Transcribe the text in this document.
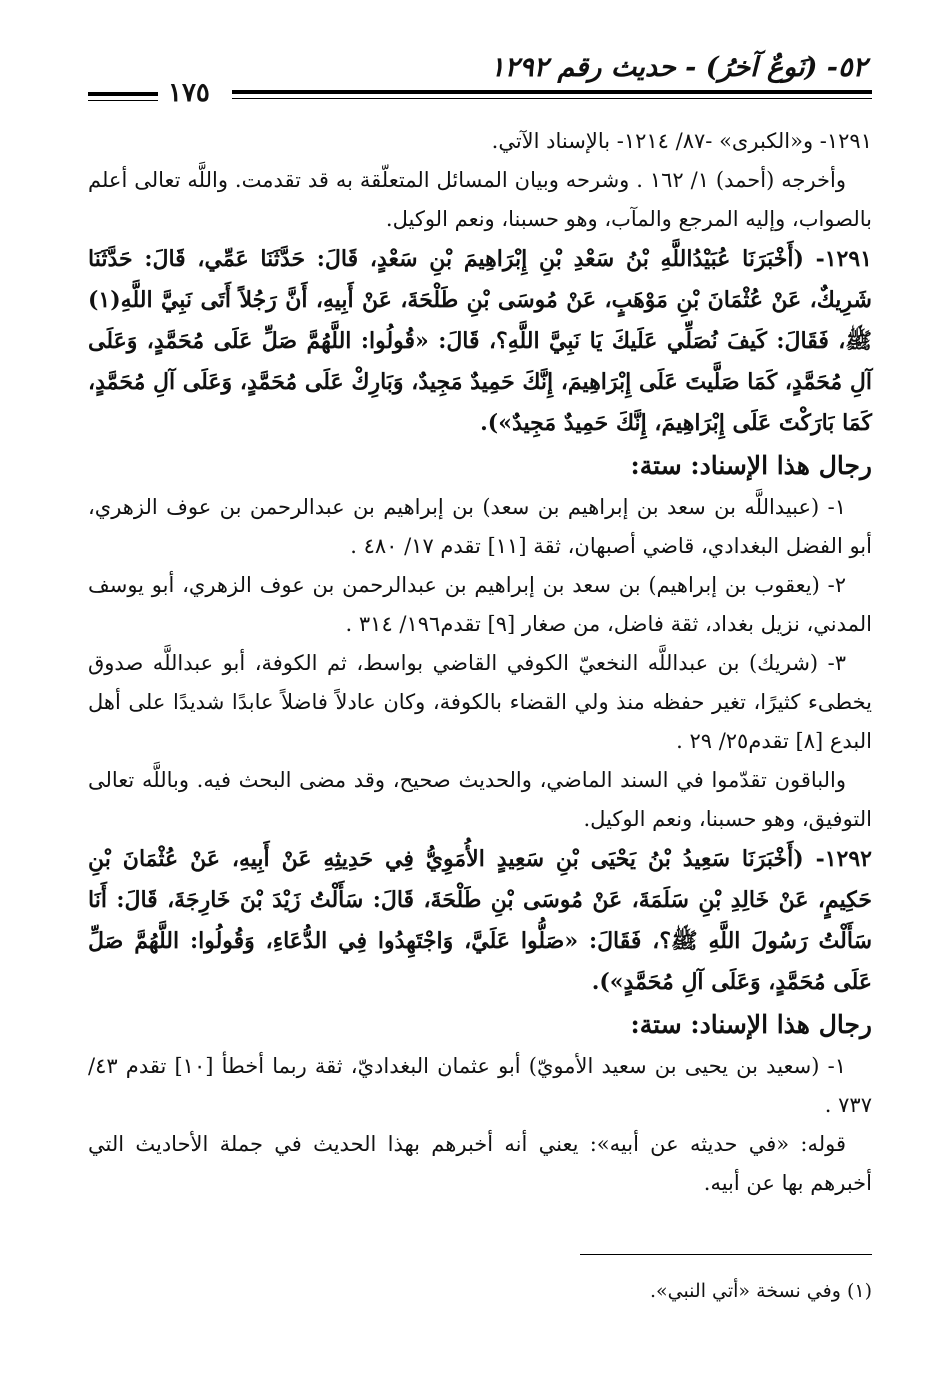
٥٢- (نَوعٌ آخرُ) - حديث رقم ١٢٩٢
١٧٥

١٢٩١- و«الكبرى» -٨٧/ ١٢١٤- بالإسناد الآتي.

وأخرجه (أحمد) ١/ ١٦٢ . وشرحه وبيان المسائل المتعلّقة به قد تقدمت. واللَّه تعالى أعلم بالصواب، وإليه المرجع والمآب، وهو حسبنا، ونعم الوكيل.

١٢٩١- (أَخْبَرَنَا عُبَيْدُاللَّهِ بْنُ سَعْدِ بْنِ إِبْرَاهِيمَ بْنِ سَعْدٍ، قَالَ: حَدَّثَنَا عَمِّي، قَالَ: حَدَّثَنَا شَرِيكٌ، عَنْ عُثْمَانَ بْنِ مَوْهَبٍ، عَنْ مُوسَى بْنِ طَلْحَةَ، عَنْ أَبِيهِ، أَنَّ رَجُلاً أَتَى نَبِيَّ اللَّهِ(١) ﷺ، فَقَالَ: كَيفَ نُصَلِّي عَلَيكَ يَا نَبِيَّ اللَّهِ؟، قَالَ: «قُولُوا: اللَّهُمَّ صَلِّ عَلَى مُحَمَّدٍ، وَعَلَى آلِ مُحَمَّدٍ، كَمَا صَلَّيتَ عَلَى إِبْرَاهِيمَ، إِنَّكَ حَمِيدٌ مَجِيدٌ، وَبَارِكْ عَلَى مُحَمَّدٍ، وَعَلَى آلِ مُحَمَّدٍ، كَمَا بَارَكْتَ عَلَى إِبْرَاهِيمَ، إِنَّكَ حَمِيدٌ مَجِيدٌ»).

رجال هذا الإسناد: ستة:

١- (عبيداللَّه بن سعد بن إبراهيم بن سعد) بن إبراهيم بن عبدالرحمن بن عوف الزهري، أبو الفضل البغدادي، قاضي أصبهان، ثقة [١١] تقدم ١٧/ ٤٨٠ .

٢- (يعقوب بن إبراهيم) بن سعد بن إبراهيم بن عبدالرحمن بن عوف الزهري، أبو يوسف المدني، نزيل بغداد، ثقة فاضل، من صغار [٩] تقدم١٩٦/ ٣١٤ .

٣- (شريك) بن عبداللَّه النخعيّ الكوفي القاضي بواسط، ثم الكوفة، أبو عبداللَّه صدوق يخطىء كثيرًا، تغير حفظه منذ ولي القضاء بالكوفة، وكان عادلاً فاضلاً عابدًا شديدًا على أهل البدع [٨] تقدم٢٥/ ٢٩ .

والباقون تقدّموا في السند الماضي، والحديث صحيح، وقد مضى البحث فيه. وباللَّه تعالى التوفيق، وهو حسبنا، ونعم الوكيل.

١٢٩٢- (أَخْبَرَنَا سَعِيدُ بْنُ يَحْيَى بْنِ سَعِيدٍ الأُمَوِيُّ فِي حَدِيثِهِ عَنْ أَبِيهِ، عَنْ عُثْمَانَ بْنِ حَكِيمٍ، عَنْ خَالِدِ بْنِ سَلَمَةَ، عَنْ مُوسَى بْنِ طَلْحَةَ، قَالَ: سَأَلْتُ زَيْدَ بْنَ خَارِجَةَ، قَالَ: أَنَا سَأَلْتُ رَسُولَ اللَّهِ ﷺ؟، فَقَالَ: «صَلُّوا عَلَيَّ، وَاجْتَهِدُوا فِي الدُّعَاءِ، وَقُولُوا: اللَّهُمَّ صَلِّ عَلَى مُحَمَّدٍ، وَعَلَى آلِ مُحَمَّدٍ»).

رجال هذا الإسناد: ستة:

١- (سعيد بن يحيى بن سعيد الأمويّ) أبو عثمان البغداديّ، ثقة ربما أخطأ [١٠] تقدم ٤٣/ ٧٣٧ .

قوله: «في حديثه عن أبيه»: يعني أنه أخبرهم بهذا الحديث في جملة الأحاديث التي أخبرهم بها عن أبيه.

(١) وفي نسخة «أتي النبي».
